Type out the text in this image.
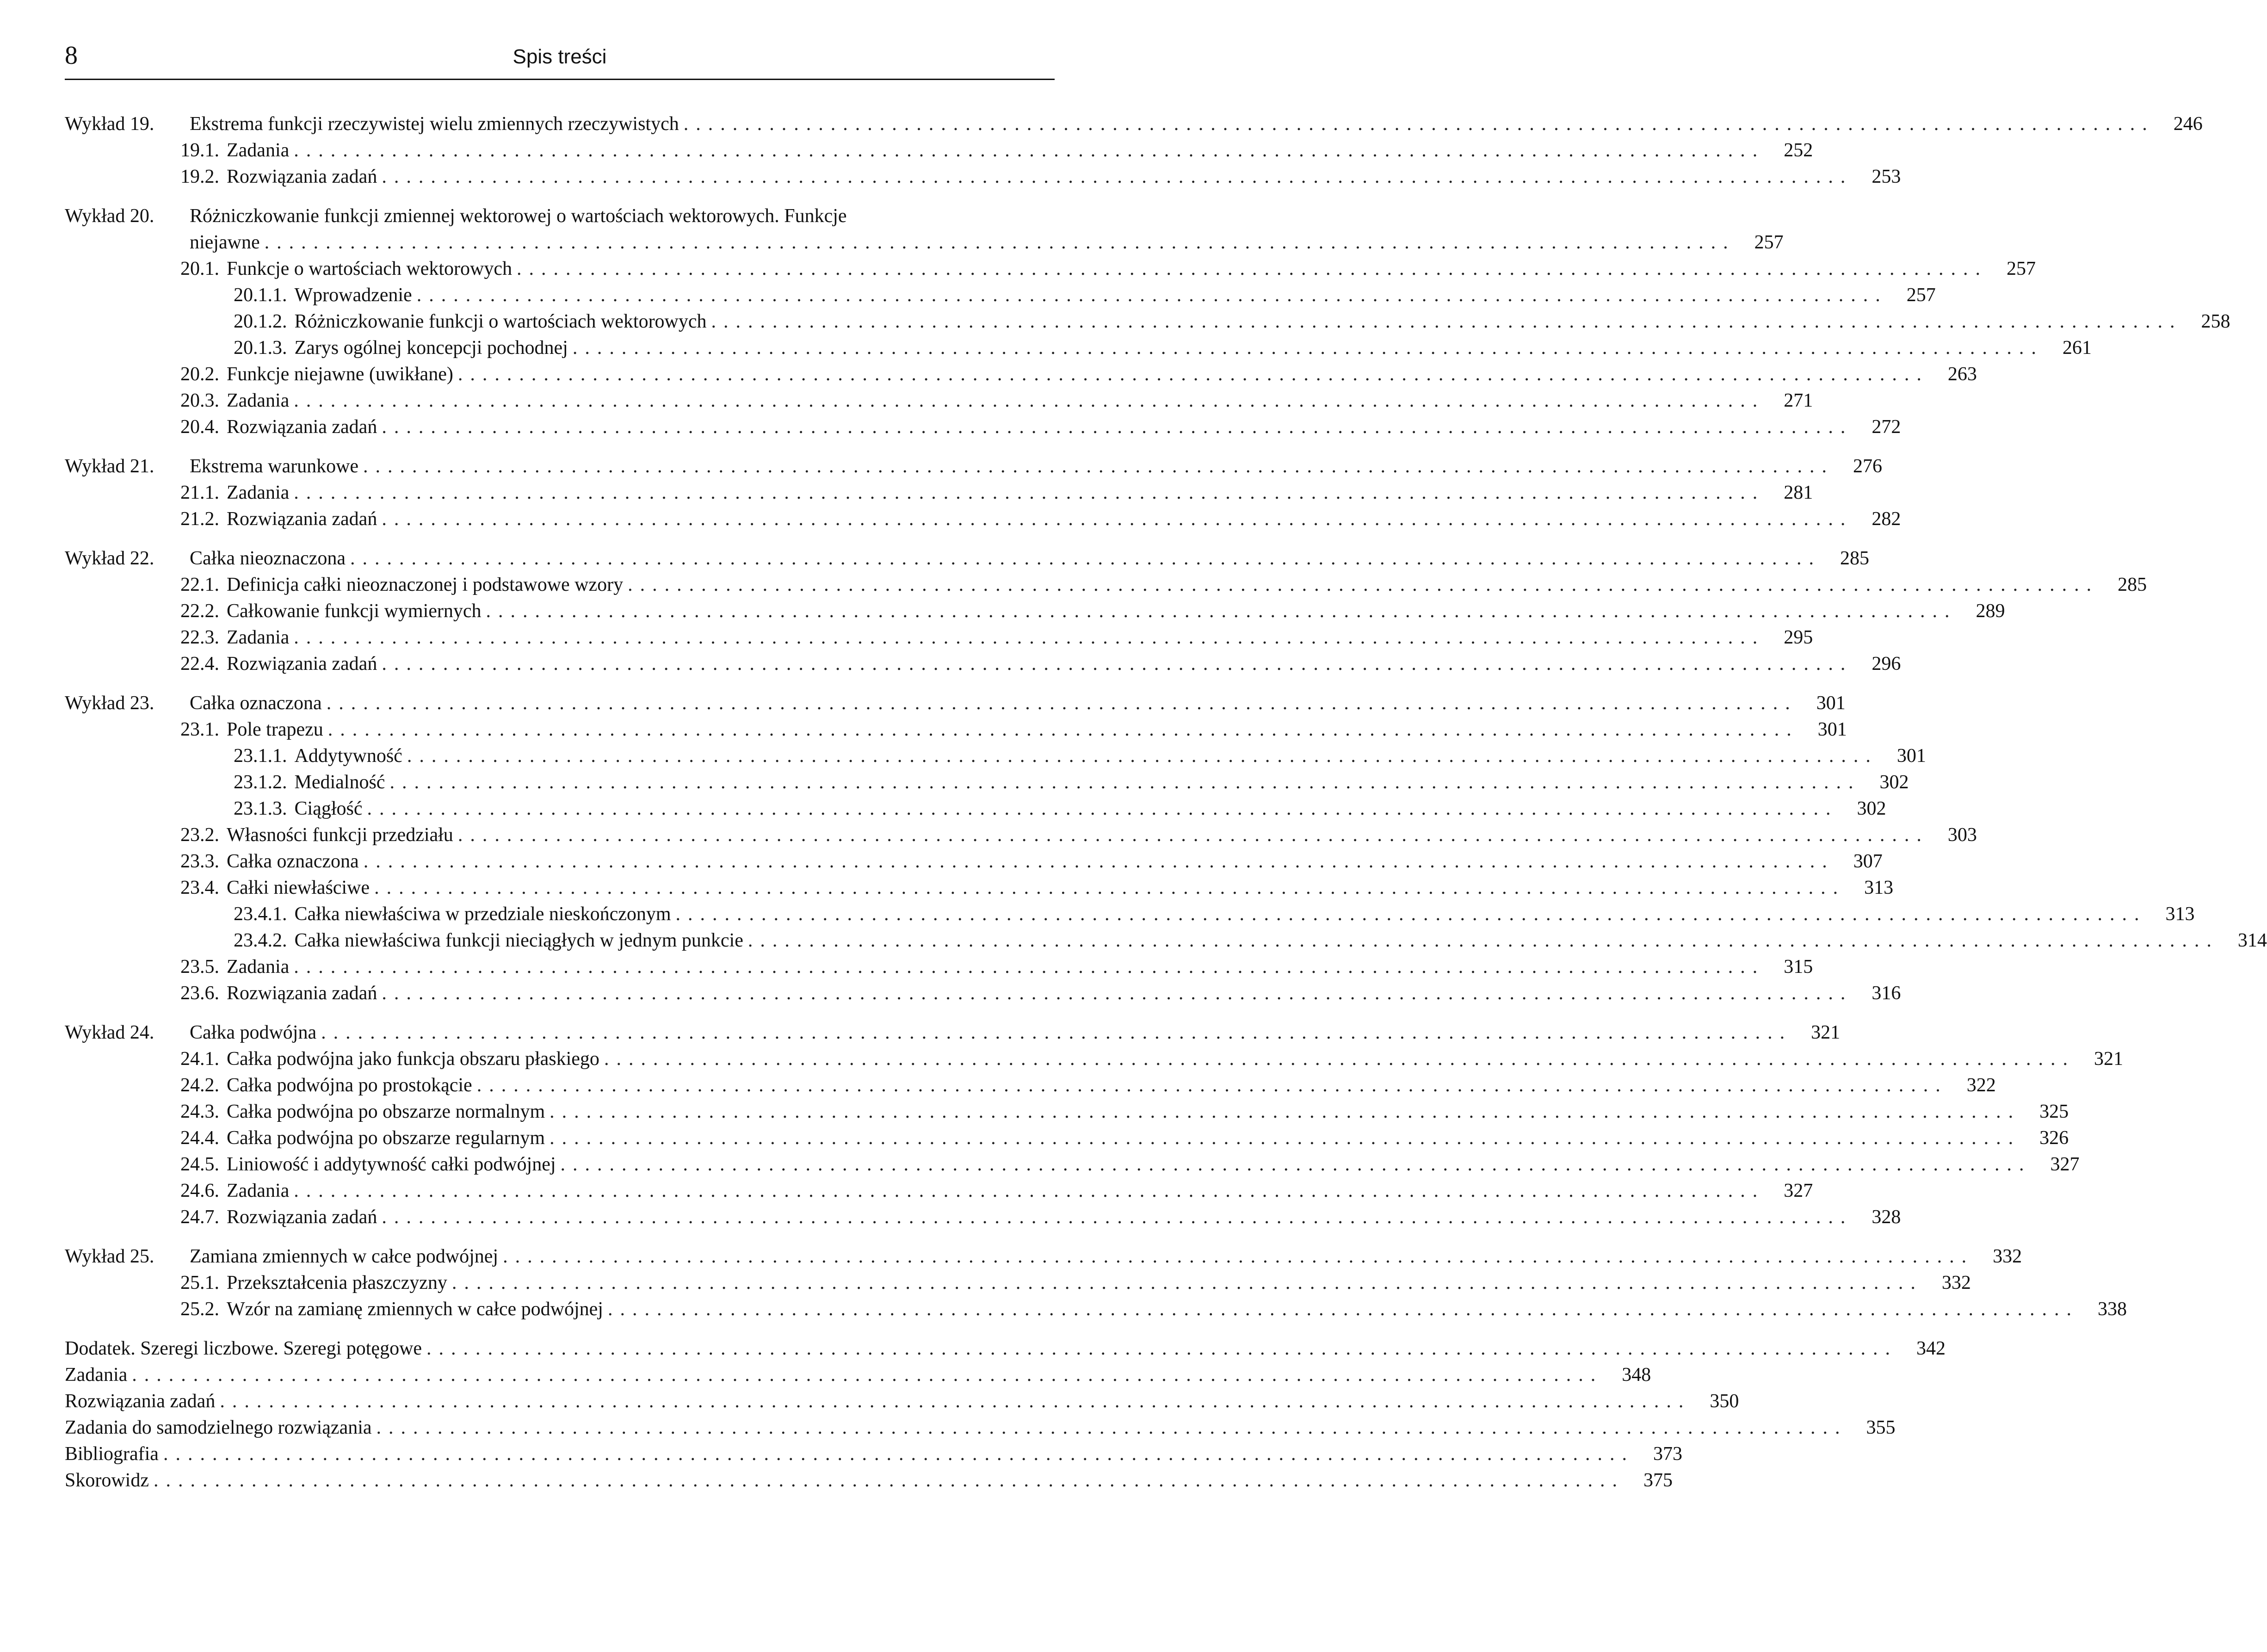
8	Spis treści
Wykład 19.	Ekstrema funkcji rzeczywistej wielu zmiennych rzeczywistych ........................................................................................................................ 246
19.1. Zadania ........................................................................................................................ 252
19.2. Rozwiązania zadań ........................................................................................................................ 253
Wykład 20.	Różniczkowanie funkcji zmiennej wektorowej o wartościach wektorowych. Funkcje
niejawne ........................................................................................................................ 257
20.1. Funkcje o wartościach wektorowych ........................................................................................................................ 257
20.1.1. Wprowadzenie ........................................................................................................................ 257
20.1.2. Różniczkowanie funkcji o wartościach wektorowych ........................................................................................................................ 258
20.1.3. Zarys ogólnej koncepcji pochodnej ........................................................................................................................ 261
20.2. Funkcje niejawne (uwikłane) ........................................................................................................................ 263
20.3. Zadania ........................................................................................................................ 271
20.4. Rozwiązania zadań ........................................................................................................................ 272
Wykład 21.	Ekstrema warunkowe ........................................................................................................................ 276
21.1. Zadania ........................................................................................................................ 281
21.2. Rozwiązania zadań ........................................................................................................................ 282
Wykład 22.	Całka nieoznaczona ........................................................................................................................ 285
22.1. Definicja całki nieoznaczonej i podstawowe wzory ........................................................................................................................ 285
22.2. Całkowanie funkcji wymiernych ........................................................................................................................ 289
22.3. Zadania ........................................................................................................................ 295
22.4. Rozwiązania zadań ........................................................................................................................ 296
Wykład 23.	Całka oznaczona ........................................................................................................................ 301
23.1. Pole trapezu ........................................................................................................................ 301
23.1.1. Addytywność ........................................................................................................................ 301
23.1.2. Medialność ........................................................................................................................ 302
23.1.3. Ciągłość ........................................................................................................................ 302
23.2. Własności funkcji przedziału ........................................................................................................................ 303
23.3. Całka oznaczona ........................................................................................................................ 307
23.4. Całki niewłaściwe ........................................................................................................................ 313
23.4.1. Całka niewłaściwa w przedziale nieskończonym ........................................................................................................................ 313
23.4.2. Całka niewłaściwa funkcji nieciągłych w jednym punkcie ........................................................................................................................ 314
23.5. Zadania ........................................................................................................................ 315
23.6. Rozwiązania zadań ........................................................................................................................ 316
Wykład 24.	Całka podwójna ........................................................................................................................ 321
24.1. Całka podwójna jako funkcja obszaru płaskiego ........................................................................................................................ 321
24.2. Całka podwójna po prostokącie ........................................................................................................................ 322
24.3. Całka podwójna po obszarze normalnym ........................................................................................................................ 325
24.4. Całka podwójna po obszarze regularnym ........................................................................................................................ 326
24.5. Liniowość i addytywność całki podwójnej ........................................................................................................................ 327
24.6. Zadania ........................................................................................................................ 327
24.7. Rozwiązania zadań ........................................................................................................................ 328
Wykład 25.	Zamiana zmiennych w całce podwójnej ........................................................................................................................ 332
25.1. Przekształcenia płaszczyzny ........................................................................................................................ 332
25.2. Wzór na zamianę zmiennych w całce podwójnej ........................................................................................................................ 338
Dodatek. Szeregi liczbowe. Szeregi potęgowe ........................................................................................................................ 342
Zadania ........................................................................................................................ 348
Rozwiązania zadań ........................................................................................................................ 350
Zadania do samodzielnego rozwiązania ........................................................................................................................ 355
Bibliografia ........................................................................................................................ 373
Skorowidz ........................................................................................................................ 375
